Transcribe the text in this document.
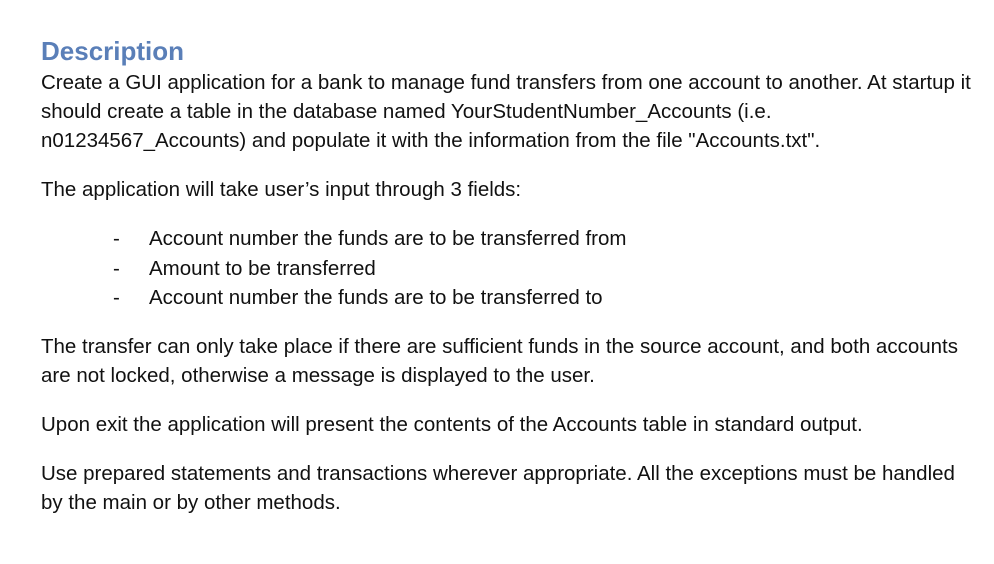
Description

Create a GUI application for a bank to manage fund transfers from one account to another. At startup it should create a table in the database named YourStudentNumber_Accounts (i.e. n01234567_Accounts) and populate it with the information from the file "Accounts.txt".

The application will take user’s input through 3 fields:

- Account number the funds are to be transferred from
- Amount to be transferred
- Account number the funds are to be transferred to

The transfer can only take place if there are sufficient funds in the source account, and both accounts are not locked, otherwise a message is displayed to the user.

Upon exit the application will present the contents of the Accounts table in standard output.

Use prepared statements and transactions wherever appropriate. All the exceptions must be handled by the main or by other methods.
